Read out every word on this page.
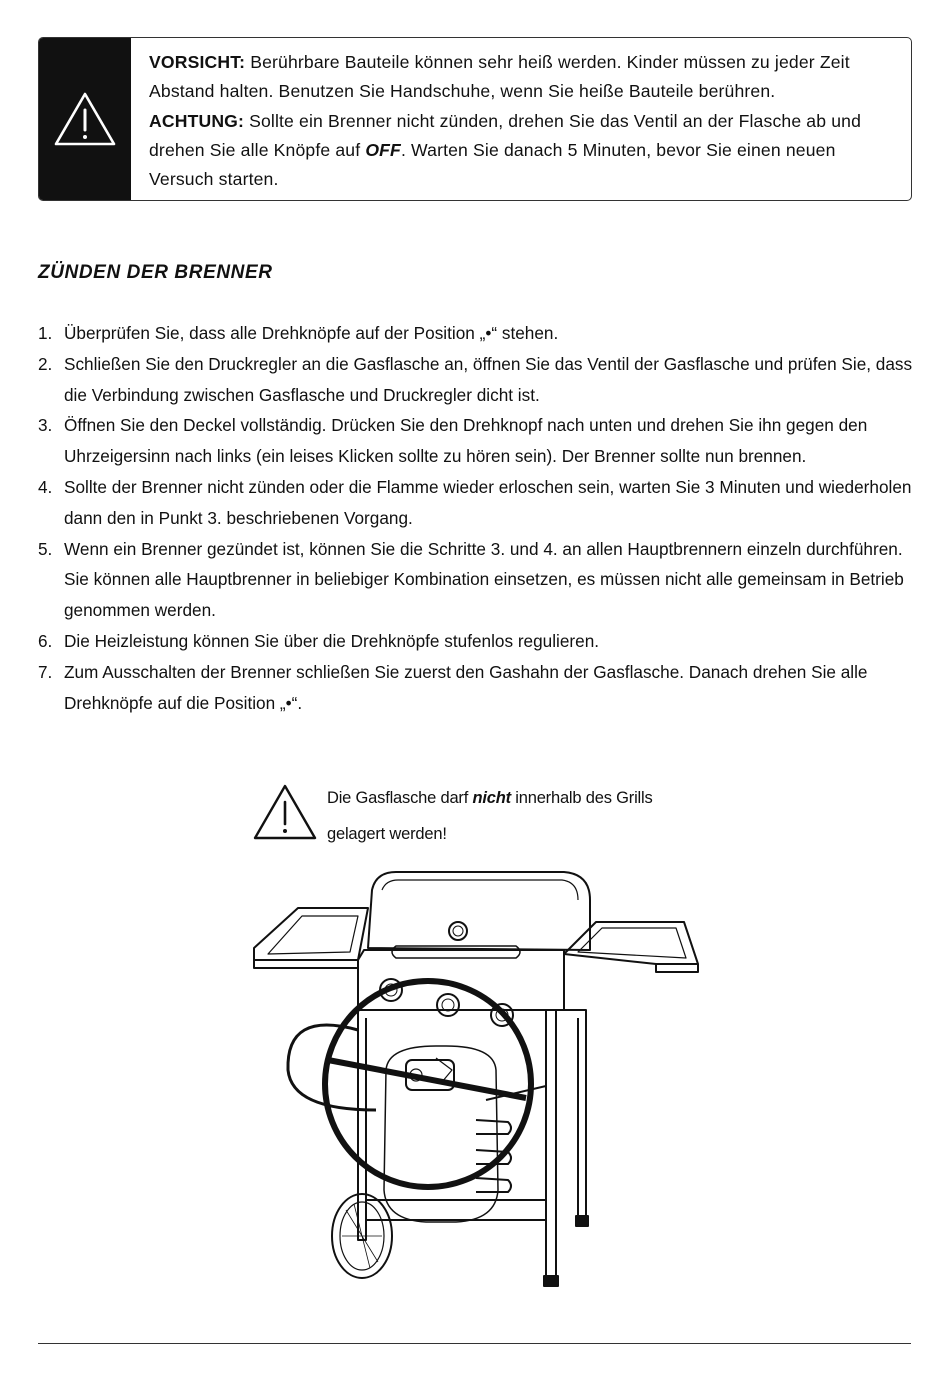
VORSICHT: Berührbare Bauteile können sehr heiß werden. Kinder müssen zu jeder Zeit Abstand halten. Benutzen Sie Handschuhe, wenn Sie heiße Bauteile berühren.
ACHTUNG: Sollte ein Brenner nicht zünden, drehen Sie das Ventil an der Flasche ab und drehen Sie alle Knöpfe auf OFF. Warten Sie danach 5 Minuten, bevor Sie einen neuen Versuch starten.
ZÜNDEN DER BRENNER
1. Überprüfen Sie, dass alle Drehknöpfe auf der Position „•“ stehen.
2. Schließen Sie den Druckregler an die Gasflasche an, öffnen Sie das Ventil der Gasflasche und prüfen Sie, dass die Verbindung zwischen Gasflasche und Druckregler dicht ist.
3. Öffnen Sie den Deckel vollständig. Drücken Sie den Drehknopf nach unten und drehen Sie ihn gegen den Uhrzeigersinn nach links (ein leises Klicken sollte zu hören sein). Der Brenner sollte nun brennen.
4. Sollte der Brenner nicht zünden oder die Flamme wieder erloschen sein, warten Sie 3 Minuten und wiederholen dann den in Punkt 3. beschriebenen Vorgang.
5. Wenn ein Brenner gezündet ist, können Sie die Schritte 3. und 4. an allen Hauptbrennern einzeln durchführen. Sie können alle Hauptbrenner in beliebiger Kombination einsetzen, es müssen nicht alle gemeinsam in Betrieb genommen werden.
6. Die Heizleistung können Sie über die Drehknöpfe stufenlos regulieren.
7. Zum Ausschalten der Brenner schließen Sie zuerst den Gashahn der Gasflasche. Danach drehen Sie alle Drehknöpfe auf die Position „•“.
Die Gasflasche darf nicht innerhalb des Grills
gelagert werden!
